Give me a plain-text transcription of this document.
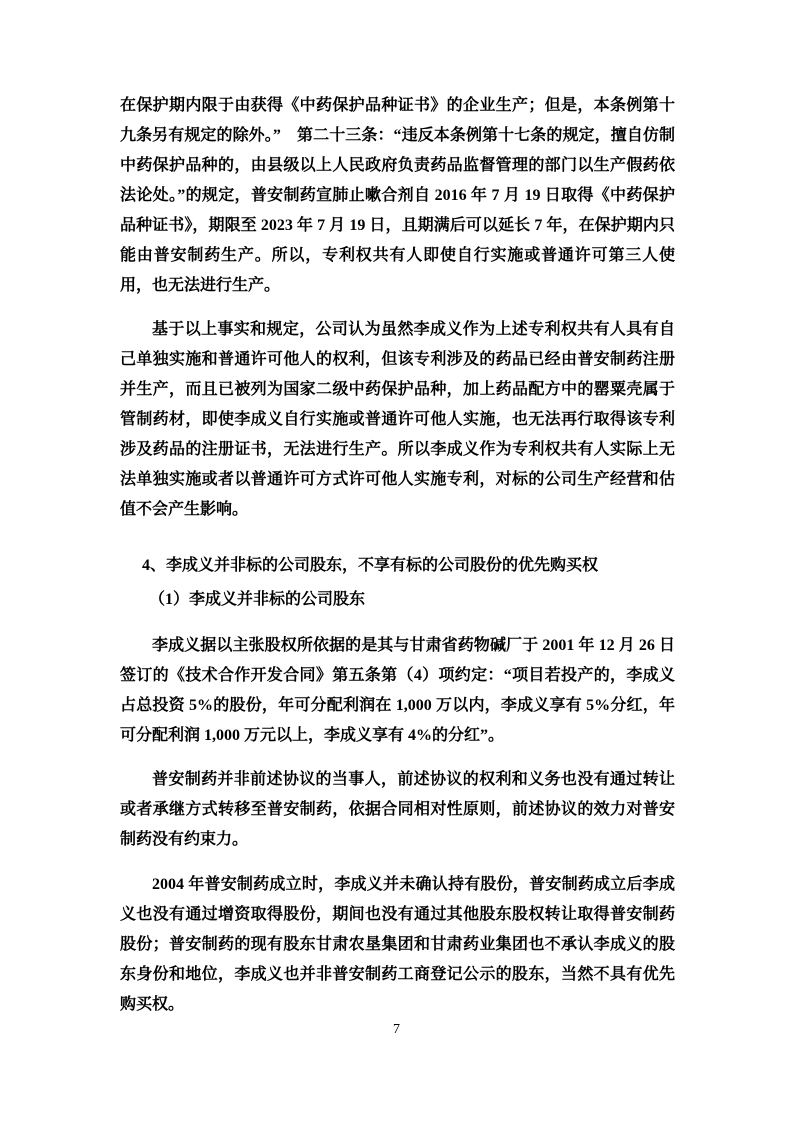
在保护期内限于由获得《中药保护品种证书》的企业生产；但是，本条例第十九条另有规定的除外。”　第二十三条：“违反本条例第十七条的规定，擅自仿制中药保护品种的，由县级以上人民政府负责药品监督管理的部门以生产假药依法论处。”的规定，普安制药宣肺止嗽合剂自 2016 年 7 月 19 日取得《中药保护品种证书》，期限至 2023 年 7 月 19 日，且期满后可以延长 7 年，在保护期内只能由普安制药生产。所以，专利权共有人即使自行实施或普通许可第三人使用，也无法进行生产。

基于以上事实和规定，公司认为虽然李成义作为上述专利权共有人具有自己单独实施和普通许可他人的权利，但该专利涉及的药品已经由普安制药注册并生产，而且已被列为国家二级中药保护品种，加上药品配方中的罂粟壳属于管制药材，即使李成义自行实施或普通许可他人实施，也无法再行取得该专利涉及药品的注册证书，无法进行生产。所以李成义作为专利权共有人实际上无法单独实施或者以普通许可方式许可他人实施专利，对标的公司生产经营和估值不会产生影响。

4、李成义并非标的公司股东，不享有标的公司股份的优先购买权
（1）李成义并非标的公司股东

李成义据以主张股权所依据的是其与甘肃省药物碱厂于 2001 年 12 月 26 日签订的《技术合作开发合同》第五条第（4）项约定：“项目若投产的，李成义占总投资 5%的股份，年可分配利润在 1,000 万以内，李成义享有 5%分红，年可分配利润 1,000 万元以上，李成义享有 4%的分红”。

普安制药并非前述协议的当事人，前述协议的权利和义务也没有通过转让或者承继方式转移至普安制药，依据合同相对性原则，前述协议的效力对普安制药没有约束力。

2004 年普安制药成立时，李成义并未确认持有股份，普安制药成立后李成义也没有通过增资取得股份，期间也没有通过其他股东股权转让取得普安制药股份；普安制药的现有股东甘肃农垦集团和甘肃药业集团也不承认李成义的股东身份和地位，李成义也并非普安制药工商登记公示的股东，当然不具有优先购买权。

7
